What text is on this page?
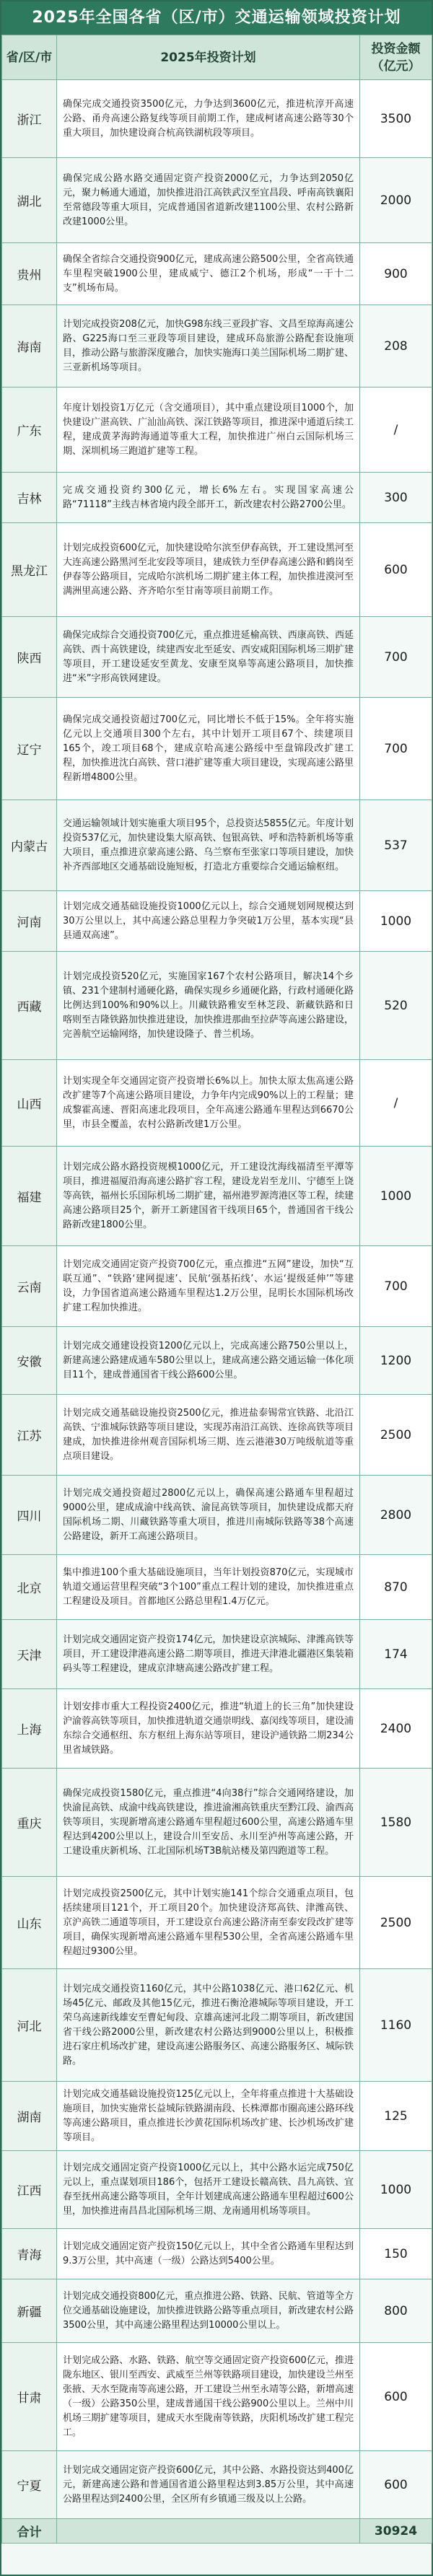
2025年全国各省（区/市）交通运输领域投资计划
省/区/市	2025年投资计划	投资金额（亿元）
浙江	确保完成交通投资3500亿元，力争达到3600亿元，推进杭淳开高速公路、甬舟高速公路复线等项目前期工作，建成柯诸高速公路等30个重大项目，加快建设商合杭高铁湖杭段等项目。	3500
湖北	确保完成公路水路交通固定资产投资2000亿元，力争达到2050亿元，聚力畅通大通道，加快推进沿江高铁武汉至宜昌段、呼南高铁襄阳至常德段等重大项目，完成普通国省道新改建1100公里、农村公路新改建1000公里。	2000
贵州	确保全省综合交通投资900亿元，建成高速公路500公里，全省高铁通车里程突破1900公里，建成威宁、德江2个机场，形成“一干十二支”机场布局。	900
海南	计划完成投资208亿元，加快G98东线三亚段扩容、文昌至琼海高速公路、G225海口至三亚段等项目建设，建成环岛旅游公路配套设施项目，推动公路与旅游深度融合，加快实施海口美兰国际机场二期扩建、三亚新机场等项目。	208
广东	年度计划投资1万亿元（含交通项目），其中重点建设项目1000个，加快建设广湛高铁、广汕汕高铁、深江铁路等项目，推进深中通道后续工程，建成黄茅海跨海通道等重大工程，加快推进广州白云国际机场三期、深圳机场三跑道扩建等工程。	/
吉林	完成交通投资约300亿元，增长6%左右。实现国家高速公路“71118”主线吉林省境内段全部开工，新改建农村公路2700公里。	300
黑龙江	计划完成投资600亿元，加快建设哈尔滨至伊春高铁，开工建设黑河至大连高速公路黑河至北安段等项目，建成铁力至伊春高速公路和鹤岗至伊春等公路项目，完成哈尔滨机场二期扩建主体工程，加快推进漠河至满洲里高速公路、齐齐哈尔至甘南等项目前期工作。	600
陕西	确保完成综合交通投资700亿元，重点推进延榆高铁、西康高铁、西延高铁、西十高铁建设，续建西安北至延安、西安咸阳国际机场三期扩建等项目，开工建设延安至黄龙、安康至岚皋等高速公路项目，加快推进“米”字形高铁网建设。	700
辽宁	确保完成交通投资超过700亿元，同比增长不低于15%。全年将实施亿元以上交通项目300个左右，其中计划开工项目67个、续建项目165个，竣工项目68个，建成京哈高速公路绥中至盘锦段改扩建工程，加快推进沈白高铁、营口港扩建等重大项目建设，实现高速公路里程新增4800公里。	700
内蒙古	交通运输领域计划实施重大项目95个，总投资达5855亿元。年度计划投资537亿元，加快建设集大原高铁、包银高铁、呼和浩特新机场等重大项目，重点推进京蒙高速公路、乌兰察布至张家口等项目建设，加快补齐西部地区交通基础设施短板，打造北方重要综合交通运输枢纽。	537
河南	计划完成交通基础设施投资1000亿元以上，综合交通规划网规模达到30万公里以上，其中高速公路总里程力争突破1万公里，基本实现“县县通双高速”。	1000
西藏	计划完成投资520亿元，实施国家167个农村公路项目，解决14个乡镇、231个建制村通硬化路，确保实现乡乡通硬化路，行政村通硬化路比例达到100%和90%以上。川藏铁路雅安至林芝段、新藏铁路和日喀则至吉隆铁路加快推进建设，加快推进那曲至拉萨等高速公路建设，完善航空运输网络，加快建设隆子、普兰机场。	520
山西	计划实现全年交通固定资产投资增长6%以上。加快太原太焦高速公路改扩建等7个高速公路项目建设，力争年内完成90%以上的工程量；建成黎霍高速、晋阳高速北段项目，全年高速公路通车里程达到6670公里，市县全覆盖，农村公路新改建1万公里。	/
福建	计划完成公路水路投资规模1000亿元，开工建设沈海线福清至平潭等项目，推进福厦沿海高速公路扩容工程，建设龙岩至龙川、宁德至上饶等高铁，福州长乐国际机场二期扩建，福州港罗源湾港区等工程，续建高速公路项目25个，新开工新建国省干线项目65个，普通国省干线公路新改建1800公里。	1000
云南	计划完成交通固定资产投资700亿元，重点推进“五网”建设，加快“互联互通”、“铁路‘建网提速’、民航‘强基拓线’、水运‘提级延伸’”等建设，力争国省道高速公路通车里程达1.2万公里，昆明长水国际机场改扩建工程加快推进。	700
安徽	计划完成交通建设投资1200亿元以上，完成高速公路750公里以上，新建高速公路建成通车580公里以上，建成高速公路交通运输一体化项目11个，建成普通国省干线公路600公里。	1200
江苏	计划完成交通基础设施投资2500亿元，推进盐泰锡常宜铁路、北沿江高铁、宁淮城际铁路等项目建设，实现苏南沿江高铁、连徐高铁等项目建成，加快推进徐州观音国际机场三期、连云港港30万吨级航道等重点项目建设。	2500
四川	计划完成交通投资超过2800亿元以上，确保高速公路通车里程超过9000公里，建成成渝中线高铁、渝昆高铁等项目，加快建设成都天府国际机场二期、川藏铁路等重大项目，推进川南城际铁路等38个高速公路建设，新开工高速公路项目。	2800
北京	集中推进100个重大基础设施项目，当年计划投资870亿元，实现城市轨道交通运营里程突破“3个100”重点工程计划的建设，加快推进重点工程建设及项目。首都地区公路总里程1.4万亿元。	870
天津	计划完成交通固定资产投资174亿元，加快建设京滨城际、津潍高铁等项目，开工建设津港高速公路二期等项目，推进天津港北疆港区集装箱码头等工程建设，建成京津塘高速公路改扩建工程。	174
上海	计划安排市重大工程投资2400亿元，推进“轨道上的长三角”加快建设沪渝蓉高铁等项目，加快推进轨道交通崇明线、嘉闵线等项目，建设浦东综合交通枢纽、东方枢纽上海东站等项目，建设沪通铁路二期234公里省域铁路。	2400
重庆	确保完成投资1580亿元，重点推进“4向38行”综合交通网络建设，加快渝昆高铁、成渝中线高铁建设，推进渝湘高铁重庆至黔江段、渝西高铁等项目，实现新增高速公路通车里程超过600公里，高速公路通车里程达到4200公里以上，建设合川至安岳、永川至泸州等高速公路，开工建设重庆新机场、江北国际机场T3B航站楼及第四跑道等工程。	1580
山东	计划完成投资2500亿元，其中计划实施141个综合交通重点项目，包括续建项目121个，开工项目20个。加快建设济郑高铁、津潍高铁、京沪高铁二通道等项目，开工建设京台高速公路济南至泰安段改扩建等项目，确保实现新增高速公路通车里程530公里，全省高速公路通车里程超过9300公里。	2500
河北	计划完成交通投资1160亿元，其中公路1038亿元、港口62亿元、机场45亿元、邮政及其他15亿元，推进石衡沧港城际等项目建设，开工荣乌高速新线雄安至曹妃甸段、京雄高速河北段二期等项目，新改建国省干线公路2000公里，新改建农村公路达到9000公里以上，积极推进石家庄机场改扩建，建设高速公路服务区、高速公路服务区、城际铁路。	1160
湖南	计划完成交通基础设施投资125亿元以上，全年将重点推进十大基础设施项目，加快实施常长益城际铁路湖南段、长株潭都市圈高速公路环线等高速公路项目，重点推进长沙黄花国际机场改扩建、长沙机场改扩建等项目。	125
江西	计划完成交通固定资产投资1000亿元以上，其中公路水运完成750亿元以上，重点谋划项目186个，包括开工建设长赣高铁、昌九高铁、宜春至抚州高速公路等项目，全年计划建成高速公路通车里程超过600公里，加快推进南昌昌北国际机场三期、龙南通用机场等项目。	1000
青海	计划完成交通固定资产投资150亿元以上，其中全省公路通车里程达到9.3万公里，其中高速（一级）公路达到5400公里。	150
新疆	计划完成交通投资800亿元，重点推进公路、铁路、民航、管道等全方位交通基础设施建设，加快推进铁路公路等重点项目，新改建农村公路3500公里，其中高速公路里程达到10000公里以上。	800
甘肃	计划完成公路、水路、铁路、航空等交通固定资产投资600亿元，推进陇东地区、银川至西安、武威至兰州等铁路项目建设，加快建设兰州至张掖、天水至陇南等高速公路，开工建设兰州至永靖等公路，新增高速（一级）公路350公里，建成普通国干线公路900公里以上。兰州中川机场三期扩建等项目，建成天水至陇南等铁路，庆阳机场改扩建工程完工。	600
宁夏	计划完成交通固定资产投资600亿元，其中公路、水路投资达到400亿元，新建高速公路和普通国省道公路里程达到3.85万公里，其中高速公路里程达到2400公里，全区所有乡镇通三级及以上公路。	600
合计		30924
